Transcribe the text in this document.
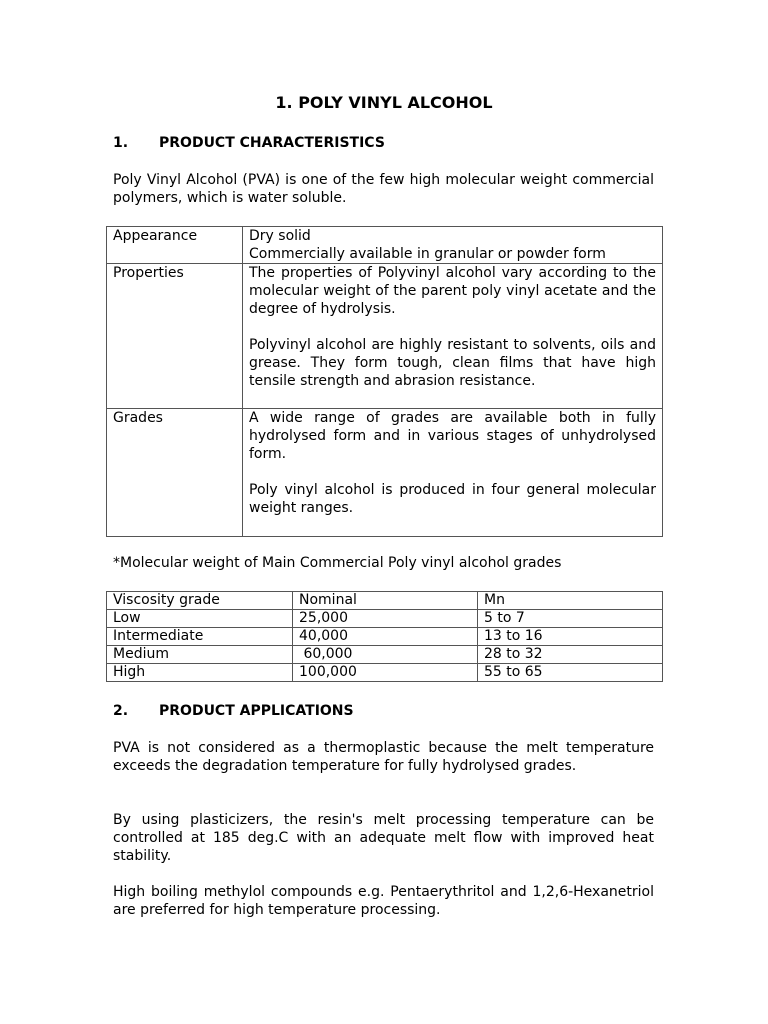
1. POLY VINYL ALCOHOL
1. PRODUCT CHARACTERISTICS

Poly Vinyl Alcohol (PVA) is one of the few high molecular weight commercial polymers, which is water soluble.

Appearance	Dry solid
Commercially available in granular or powder form

Properties	The properties of Polyvinyl alcohol vary according to the molecular weight of the parent poly vinyl acetate and the degree of hydrolysis.

Polyvinyl alcohol are highly resistant to solvents, oils and grease. They form tough, clean films that have high tensile strength and abrasion resistance.

Grades	A wide range of grades are available both in fully hydrolysed form and in various stages of unhydrolysed form.

Poly vinyl alcohol is produced in four general molecular weight ranges.

*Molecular weight of Main Commercial Poly vinyl alcohol grades

Viscosity grade	Nominal	Mn
Low	25,000	5 to 7
Intermediate	40,000	13 to 16
Medium	60,000	28 to 32
High	100,000	55 to 65
2. PRODUCT APPLICATIONS

PVA is not considered as a thermoplastic because the melt temperature exceeds the degradation temperature for fully hydrolysed grades.

By using plasticizers, the resin's melt processing temperature can be controlled at 185 deg.C with an adequate melt flow with improved heat stability.

High boiling methylol compounds e.g. Pentaerythritol and 1,2,6-Hexanetriol are preferred for high temperature processing.
